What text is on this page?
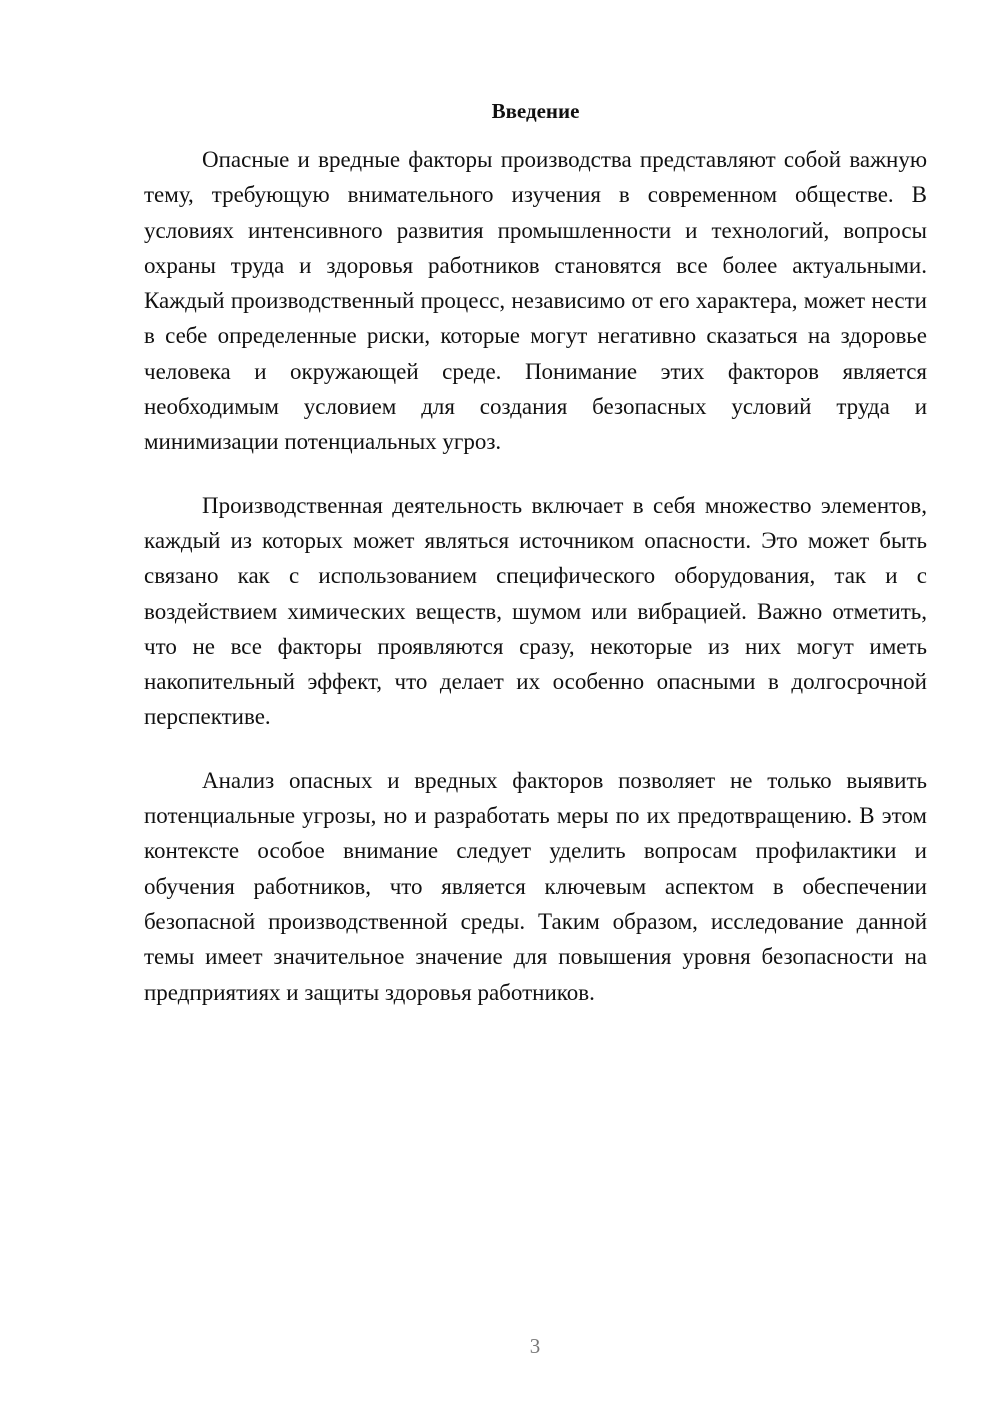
Введение

Опасные и вредные факторы производства представляют собой важную тему, требующую внимательного изучения в современном обществе. В условиях интенсивного развития промышленности и технологий, вопросы охраны труда и здоровья работников становятся все более актуальными. Каждый производственный процесс, независимо от его характера, может нести в себе определенные риски, которые могут негативно сказаться на здоровье человека и окружающей среде. Понимание этих факторов является необходимым условием для создания безопасных условий труда и минимизации потенциальных угроз.

Производственная деятельность включает в себя множество элементов, каждый из которых может являться источником опасности. Это может быть связано как с использованием специфического оборудования, так и с воздействием химических веществ, шумом или вибрацией. Важно отметить, что не все факторы проявляются сразу, некоторые из них могут иметь накопительный эффект, что делает их особенно опасными в долгосрочной перспективе.

Анализ опасных и вредных факторов позволяет не только выявить потенциальные угрозы, но и разработать меры по их предотвращению. В этом контексте особое внимание следует уделить вопросам профилактики и обучения работников, что является ключевым аспектом в обеспечении безопасной производственной среды. Таким образом, исследование данной темы имеет значительное значение для повышения уровня безопасности на предприятиях и защиты здоровья работников.

3
